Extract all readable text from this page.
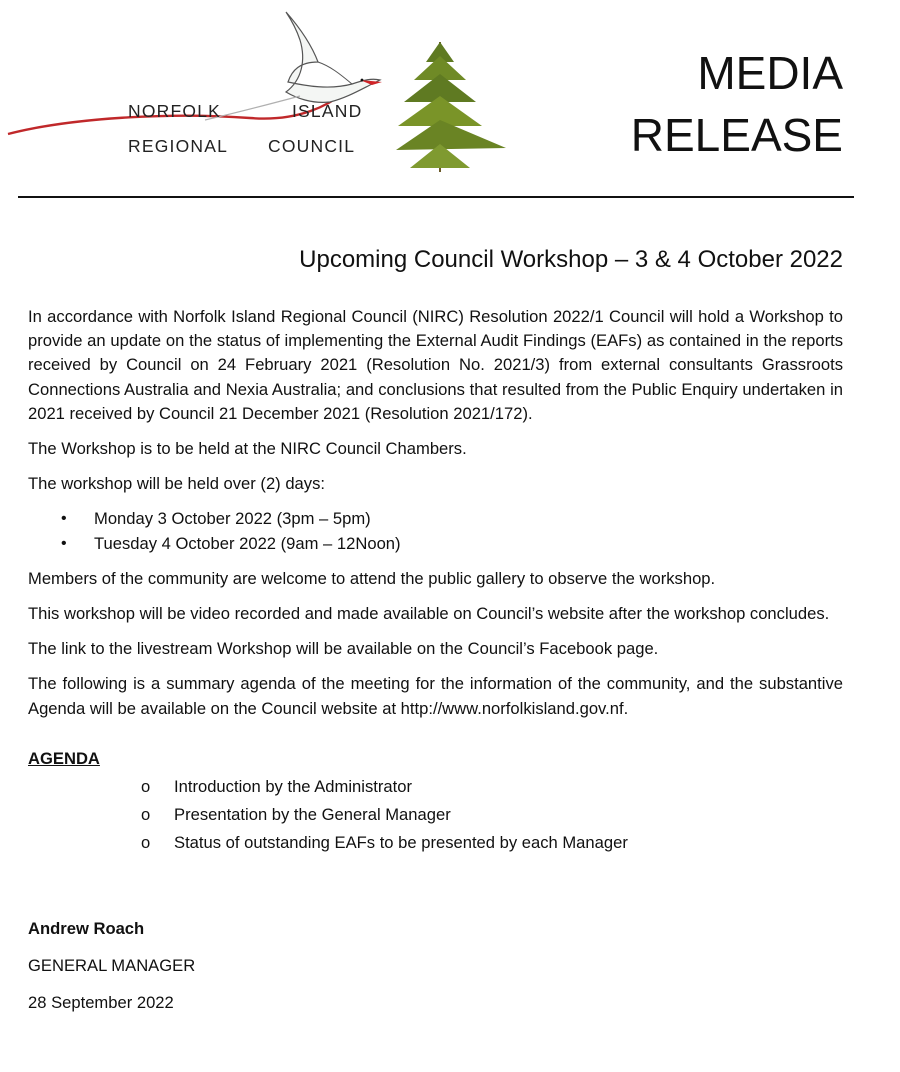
NORFOLK	ISLAND
REGIONAL COUNCIL
MEDIA
RELEASE
Upcoming Council Workshop – 3 & 4 October 2022

In accordance with Norfolk Island Regional Council (NIRC) Resolution 2022/1 Council will hold a Workshop to provide an update on the status of implementing the External Audit Findings (EAFs) as contained in the reports received by Council on 24 February 2021 (Resolution No. 2021/3) from external consultants Grassroots Connections Australia and Nexia Australia; and conclusions that resulted from the Public Enquiry undertaken in 2021 received by Council 21 December 2021 (Resolution 2021/172).

The Workshop is to be held at the NIRC Council Chambers.

The workshop will be held over (2) days:

• Monday 3 October 2022 (3pm – 5pm)
• Tuesday 4 October 2022 (9am – 12Noon)

Members of the community are welcome to attend the public gallery to observe the workshop.

This workshop will be video recorded and made available on Council’s website after the workshop concludes.

The link to the livestream Workshop will be available on the Council’s Facebook page.

The following is a summary agenda of the meeting for the information of the community, and the substantive Agenda will be available on the Council website at http://www.norfolkisland.gov.nf.

AGENDA
o Introduction by the Administrator
o Presentation by the General Manager
o Status of outstanding EAFs to be presented by each Manager
Andrew Roach

GENERAL MANAGER

28 September 2022
